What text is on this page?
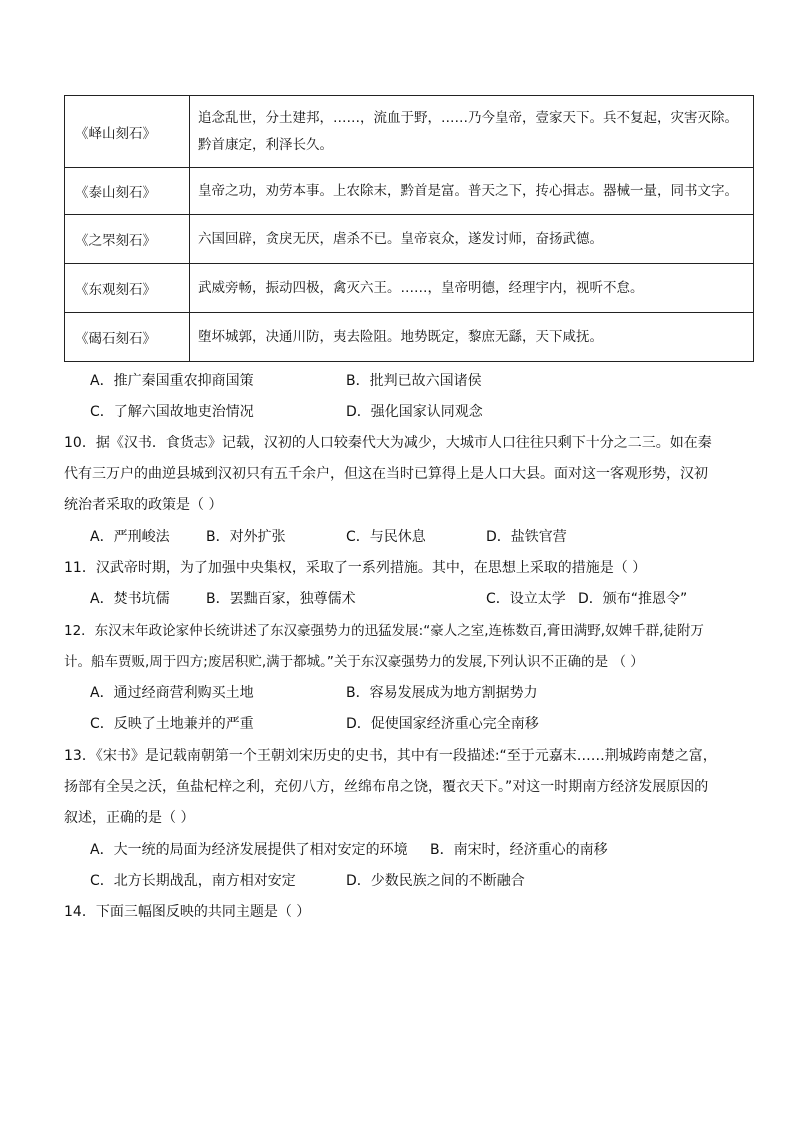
《峄山刻石》	追念乱世，分土建邦，……，流血于野，……乃今皇帝，壹家天下。兵不复起，灾害灭除。黔首康定，利泽长久。
《泰山刻石》	皇帝之功，劝劳本事。上农除末，黔首是富。普天之下，抟心揖志。器械一量，同书文字。
《之罘刻石》	六国回辟，贪戾无厌，虐杀不已。皇帝哀众，遂发讨师，奋扬武德。
《东观刻石》	武威旁畅，振动四极，禽灭六王。……，皇帝明德，经理宇内，视听不怠。
《碣石刻石》	堕坏城郭，决通川防，夷去险阻。地势既定，黎庶无繇，天下咸抚。
A．推广秦国重农抑商国策	B．批判已故六国诸侯
C．了解六国故地吏治情况	D．强化国家认同观念
10．据《汉书．食货志》记载，汉初的人口较秦代大为减少，大城市人口往往只剩下十分之二三。如在秦
代有三万户的曲逆县城到汉初只有五千余户，但这在当时已算得上是人口大县。面对这一客观形势，汉初
统治者采取的政策是（ ）
A．严刑峻法	B．对外扩张	C．与民休息	D．盐铁官营
11．汉武帝时期，为了加强中央集权，采取了一系列措施。其中，在思想上采取的措施是（ ）
A．焚书坑儒	B．罢黜百家，独尊儒术	C．设立太学 D．颁布“推恩令”
12．东汉末年政论家仲长统讲述了东汉豪强势力的迅猛发展:“豪人之室,连栋数百,膏田满野,奴婢千群,徒附万
计。船车贾贩,周于四方;废居积贮,满于都城。”关于东汉豪强势力的发展,下列认识不正确的是 （ ）
A．通过经商营利购买土地	B．容易发展成为地方割据势力
C．反映了土地兼并的严重	D．促使国家经济重心完全南移
13．《宋书》是记载南朝第一个王朝刘宋历史的史书，其中有一段描述:“至于元嘉末……荆城跨南楚之富，
扬部有全吴之沃，鱼盐杞梓之利，充仞八方，丝绵布帛之饶，覆衣天下。”对这一时期南方经济发展原因的
叙述，正确的是（ ）
A．大一统的局面为经济发展提供了相对安定的环境 B．南宋时，经济重心的南移
C．北方长期战乱，南方相对安定	D．少数民族之间的不断融合
14．下面三幅图反映的共同主题是（ ）
